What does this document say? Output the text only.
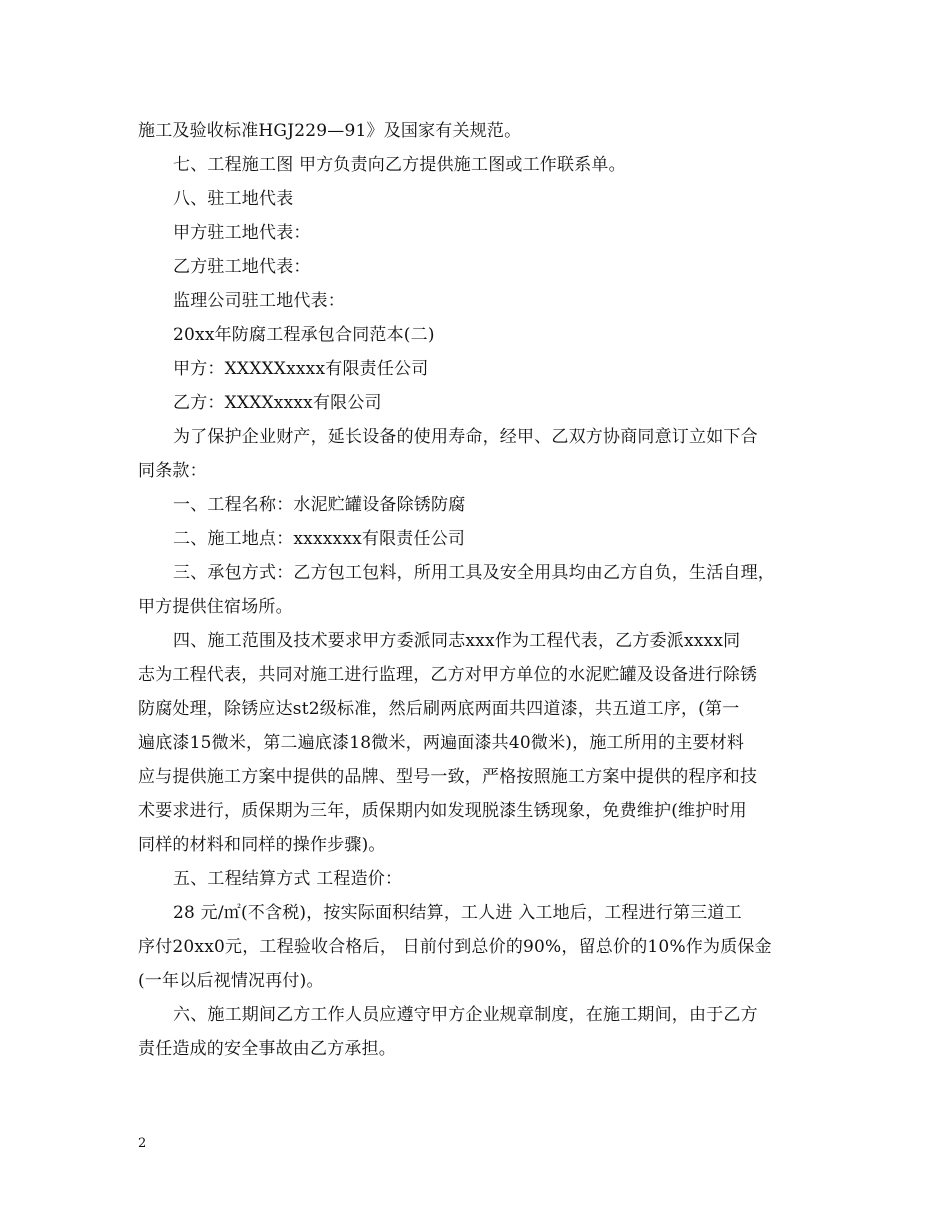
施工及验收标准HGJ229—91》及国家有关规范。
七、工程施工图 甲方负责向乙方提供施工图或工作联系单。
八、驻工地代表
甲方驻工地代表：
乙方驻工地代表：
监理公司驻工地代表：
20xx年防腐工程承包合同范本(二)
甲方：XXXXXxxxx有限责任公司
乙方：XXXXxxxx有限公司
为了保护企业财产，延长设备的使用寿命，经甲、乙双方协商同意订立如下合
同条款：
一、工程名称：水泥贮罐设备除锈防腐
二、施工地点：xxxxxxx有限责任公司
三、承包方式：乙方包工包料，所用工具及安全用具均由乙方自负，生活自理，
甲方提供住宿场所。
四、施工范围及技术要求甲方委派同志xxx作为工程代表，乙方委派xxxx同
志为工程代表，共同对施工进行监理，乙方对甲方单位的水泥贮罐及设备进行除锈
防腐处理，除锈应达st2级标准，然后刷两底两面共四道漆，共五道工序，(第一
遍底漆15微米，第二遍底漆18微米，两遍面漆共40微米)，施工所用的主要材料
应与提供施工方案中提供的品牌、型号一致，严格按照施工方案中提供的程序和技
术要求进行，质保期为三年，质保期内如发现脱漆生锈现象，免费维护(维护时用
同样的材料和同样的操作步骤)。
五、工程结算方式 工程造价：
28 元/㎡(不含税)，按实际面积结算，工人进 入工地后，工程进行第三道工
序付20xx0元，工程验收合格后， 日前付到总价的90%，留总价的10%作为质保金
(一年以后视情况再付)。
六、施工期间乙方工作人员应遵守甲方企业规章制度，在施工期间，由于乙方
责任造成的安全事故由乙方承担。
2
